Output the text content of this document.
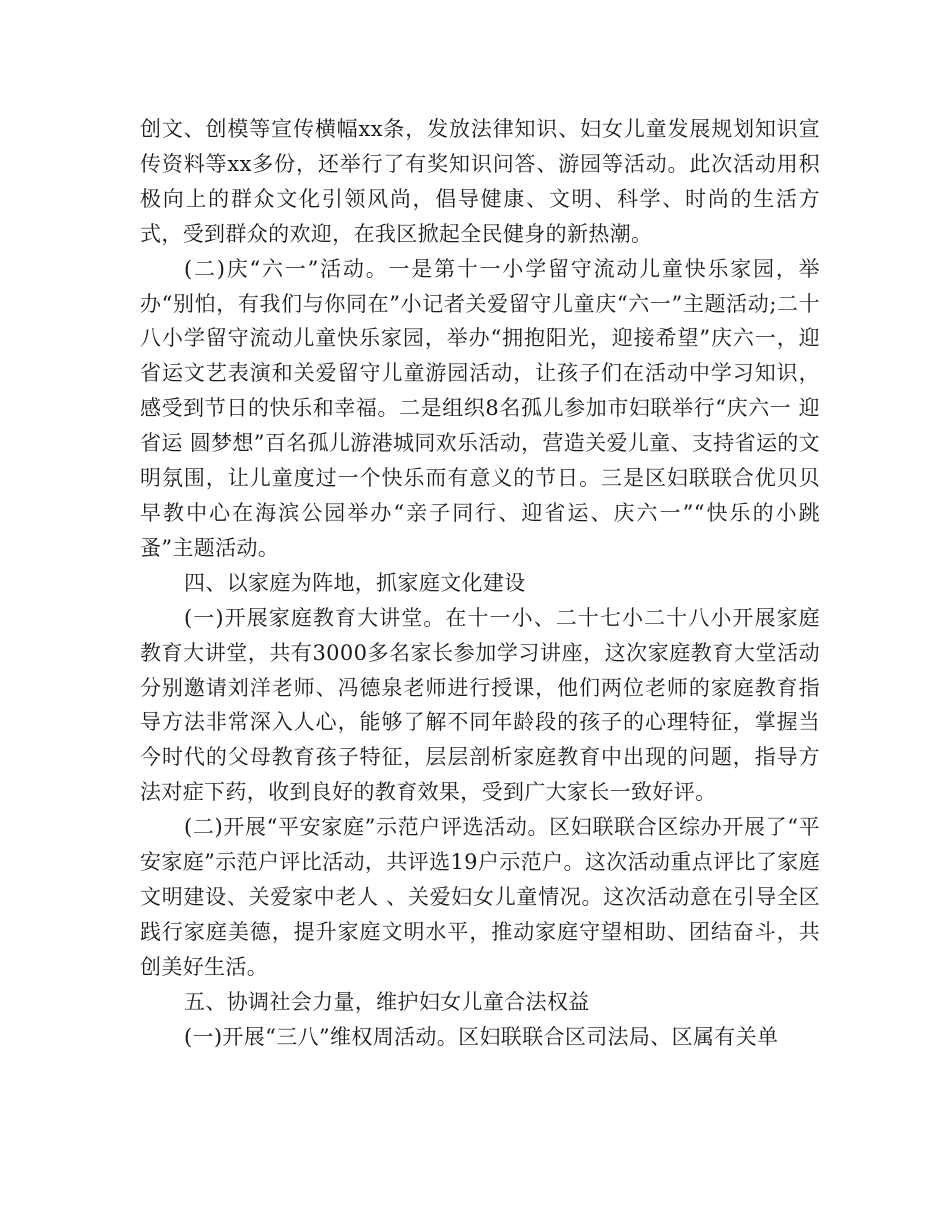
创文、创模等宣传横幅xx条，发放法律知识、妇女儿童发展规划知识宣传资料等xx多份，还举行了有奖知识问答、游园等活动。此次活动用积极向上的群众文化引领风尚，倡导健康、文明、科学、时尚的生活方式，受到群众的欢迎，在我区掀起全民健身的新热潮。

(二)庆“六一”活动。一是第十一小学留守流动儿童快乐家园，举办“别怕，有我们与你同在”小记者关爱留守儿童庆“六一”主题活动;二十八小学留守流动儿童快乐家园，举办“拥抱阳光，迎接希望”庆六一，迎省运文艺表演和关爱留守儿童游园活动，让孩子们在活动中学习知识，感受到节日的快乐和幸福。二是组织8名孤儿参加市妇联举行“庆六一 迎省运 圆梦想”百名孤儿游港城同欢乐活动，营造关爱儿童、支持省运的文明氛围，让儿童度过一个快乐而有意义的节日。三是区妇联联合优贝贝早教中心在海滨公园举办“亲子同行、迎省运、庆六一”“快乐的小跳蚤”主题活动。

四、以家庭为阵地，抓家庭文化建设

(一)开展家庭教育大讲堂。在十一小、二十七小二十八小开展家庭教育大讲堂，共有3000多名家长参加学习讲座，这次家庭教育大堂活动分别邀请刘洋老师、冯德泉老师进行授课，他们两位老师的家庭教育指导方法非常深入人心，能够了解不同年龄段的孩子的心理特征，掌握当今时代的父母教育孩子特征，层层剖析家庭教育中出现的问题，指导方法对症下药，收到良好的教育效果，受到广大家长一致好评。

(二)开展“平安家庭”示范户评选活动。区妇联联合区综办开展了“平安家庭”示范户评比活动，共评选19户示范户。这次活动重点评比了家庭文明建设、关爱家中老人 、关爱妇女儿童情况。这次活动意在引导全区践行家庭美德，提升家庭文明水平，推动家庭守望相助、团结奋斗，共创美好生活。

五、协调社会力量，维护妇女儿童合法权益

(一)开展“三八”维权周活动。区妇联联合区司法局、区属有关单
